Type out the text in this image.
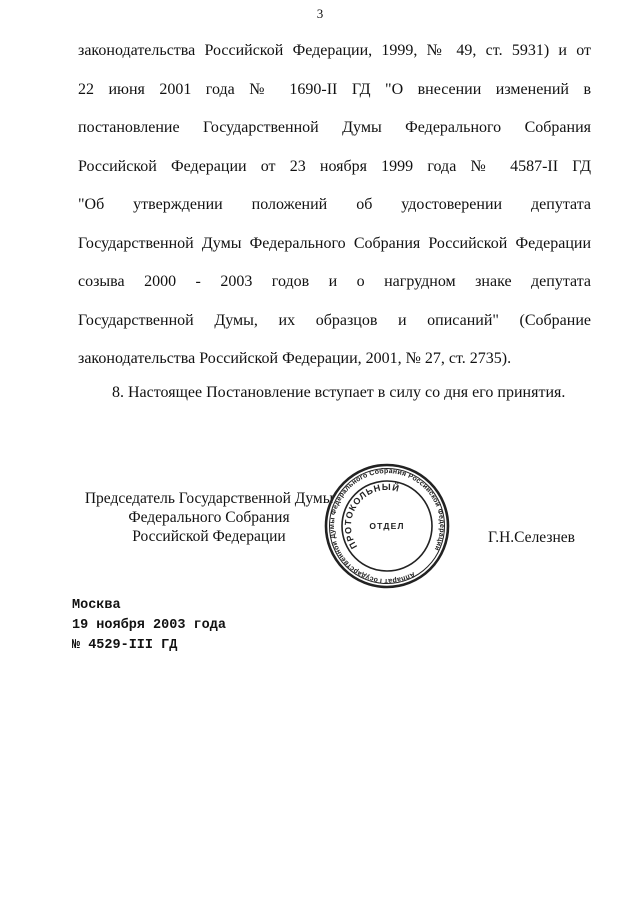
3
законодательства Российской Федерации, 1999, № 49, ст. 5931) и от
22 июня 2001 года № 1690-II ГД "О внесении изменений в
постановление Государственной Думы Федерального Собрания
Российской Федерации от 23 ноября 1999 года № 4587-II ГД
"Об утверждении положений об удостоверении депутата
Государственной Думы Федерального Собрания Российской Федерации
созыва 2000 - 2003 годов и о нагрудном знаке депутата
Государственной Думы, их образцов и описаний" (Собрание
законодательства Российской Федерации, 2001, № 27, ст. 2735).
8. Настоящее Постановление вступает в силу со дня его принятия.
Председатель Государственной Думы
Федерального Собрания
Российской Федерации
Аппарат Государственной Думы Федерального Собрания Российской Федерации
ПРОТОКОЛЬНЫЙ
ОТДЕЛ
Г.Н.Селезнев
Москва
19 ноября 2003 года
№ 4529-III ГД
